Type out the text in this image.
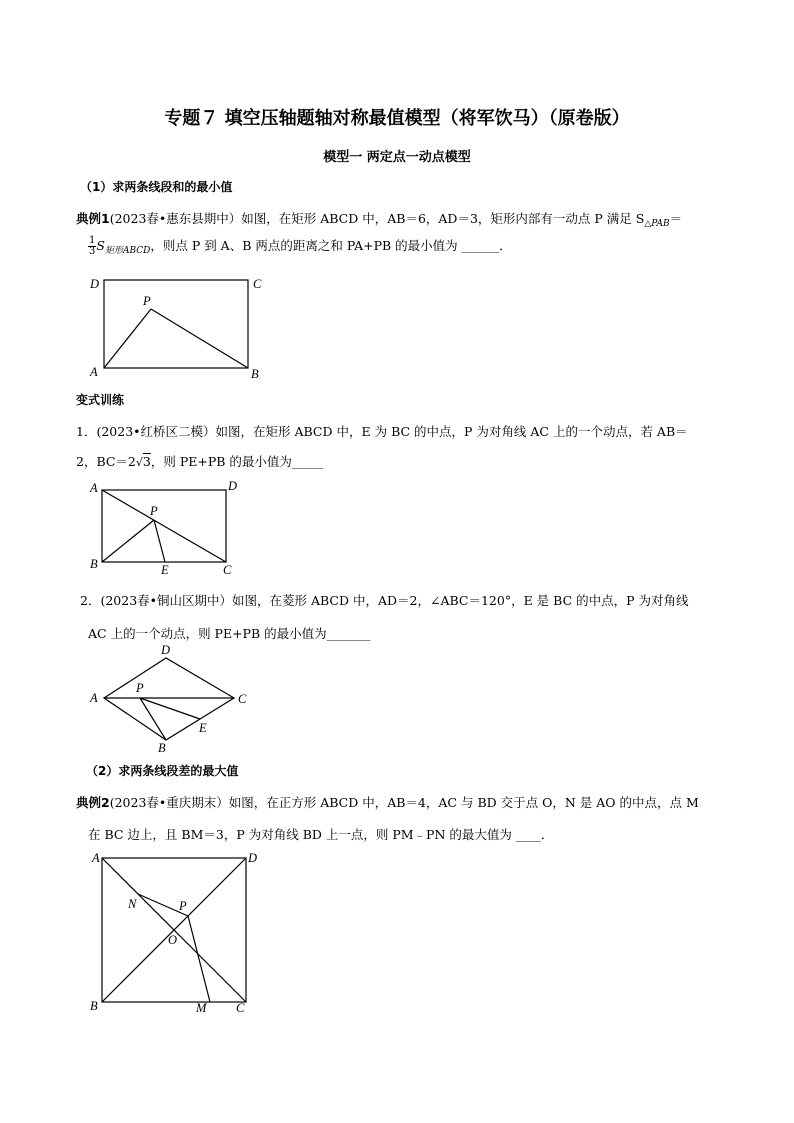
专题７ 填空压轴题轴对称最值模型（将军饮马）（原卷版）
模型一 两定点一动点模型
（1）求两条线段和的最小值
典例1(2023春•惠东县期中）如图，在矩形 ABCD 中，AB＝6，AD＝3，矩形内部有一动点 P 满足 $S_{\triangle PAB}=$
$\frac{1}{3} S_{矩形ABCD}$，则点 P 到 A、B 两点的距离之和 PA+PB 的最小值为 ______．
D	C
P
A	B
变式训练
1．(2023•红桥区二模）如图，在矩形 ABCD 中，E 为 BC 的中点，P 为对角线 AC 上的一个动点，若 AB＝
2，BC＝2√3，则 PE+PB 的最小值为_____
A	D
P
B	E	C
2．(2023春•铜山区期中）如图，在菱形 ABCD 中，AD＝2，∠ABC＝120°，E 是 BC 的中点，P 为对角线
AC 上的一个动点，则 PE+PB 的最小值为_______
D
A
P
C
E
B
（2）求两条线段差的最大值
典例2(2023春•重庆期末）如图，在正方形 ABCD 中，AB＝4，AC 与 BD 交于点 O，N 是 AO 的中点，点 M
在 BC 边上，且 BM＝3，P 为对角线 BD 上一点，则 PM﹣PN 的最大值为 ____．
A	D
N	P
O
B	M C
